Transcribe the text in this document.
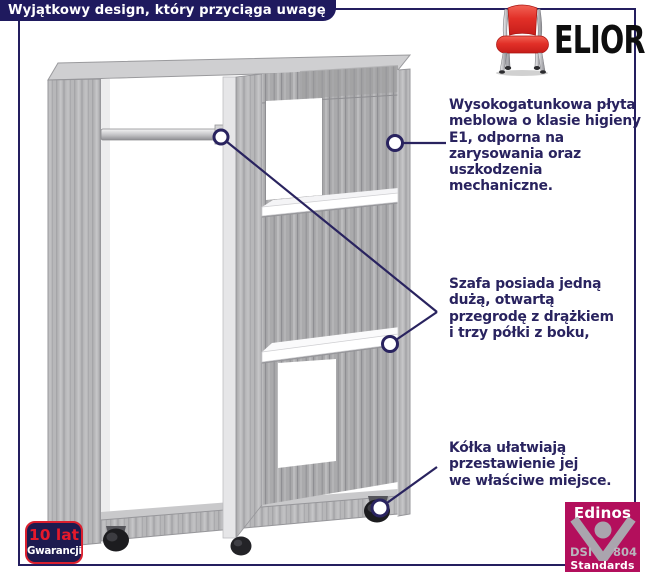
Wyjątkowy design, który przyciąga uwagę
ELIOR
Wysokogatunkowa płyta
meblowa o klasie higieny
E1, odporna na
zarysowania oraz
uszkodzenia
mechaniczne.
Szafa posiada jedną
dużą, otwartą
przegrodę z drążkiem
i trzy półki z boku,
Kółka ułatwiają
przestawienie jej
we właściwe miejsce.
10 lat
Gwarancji
Edinos
DSI 804
Standards
